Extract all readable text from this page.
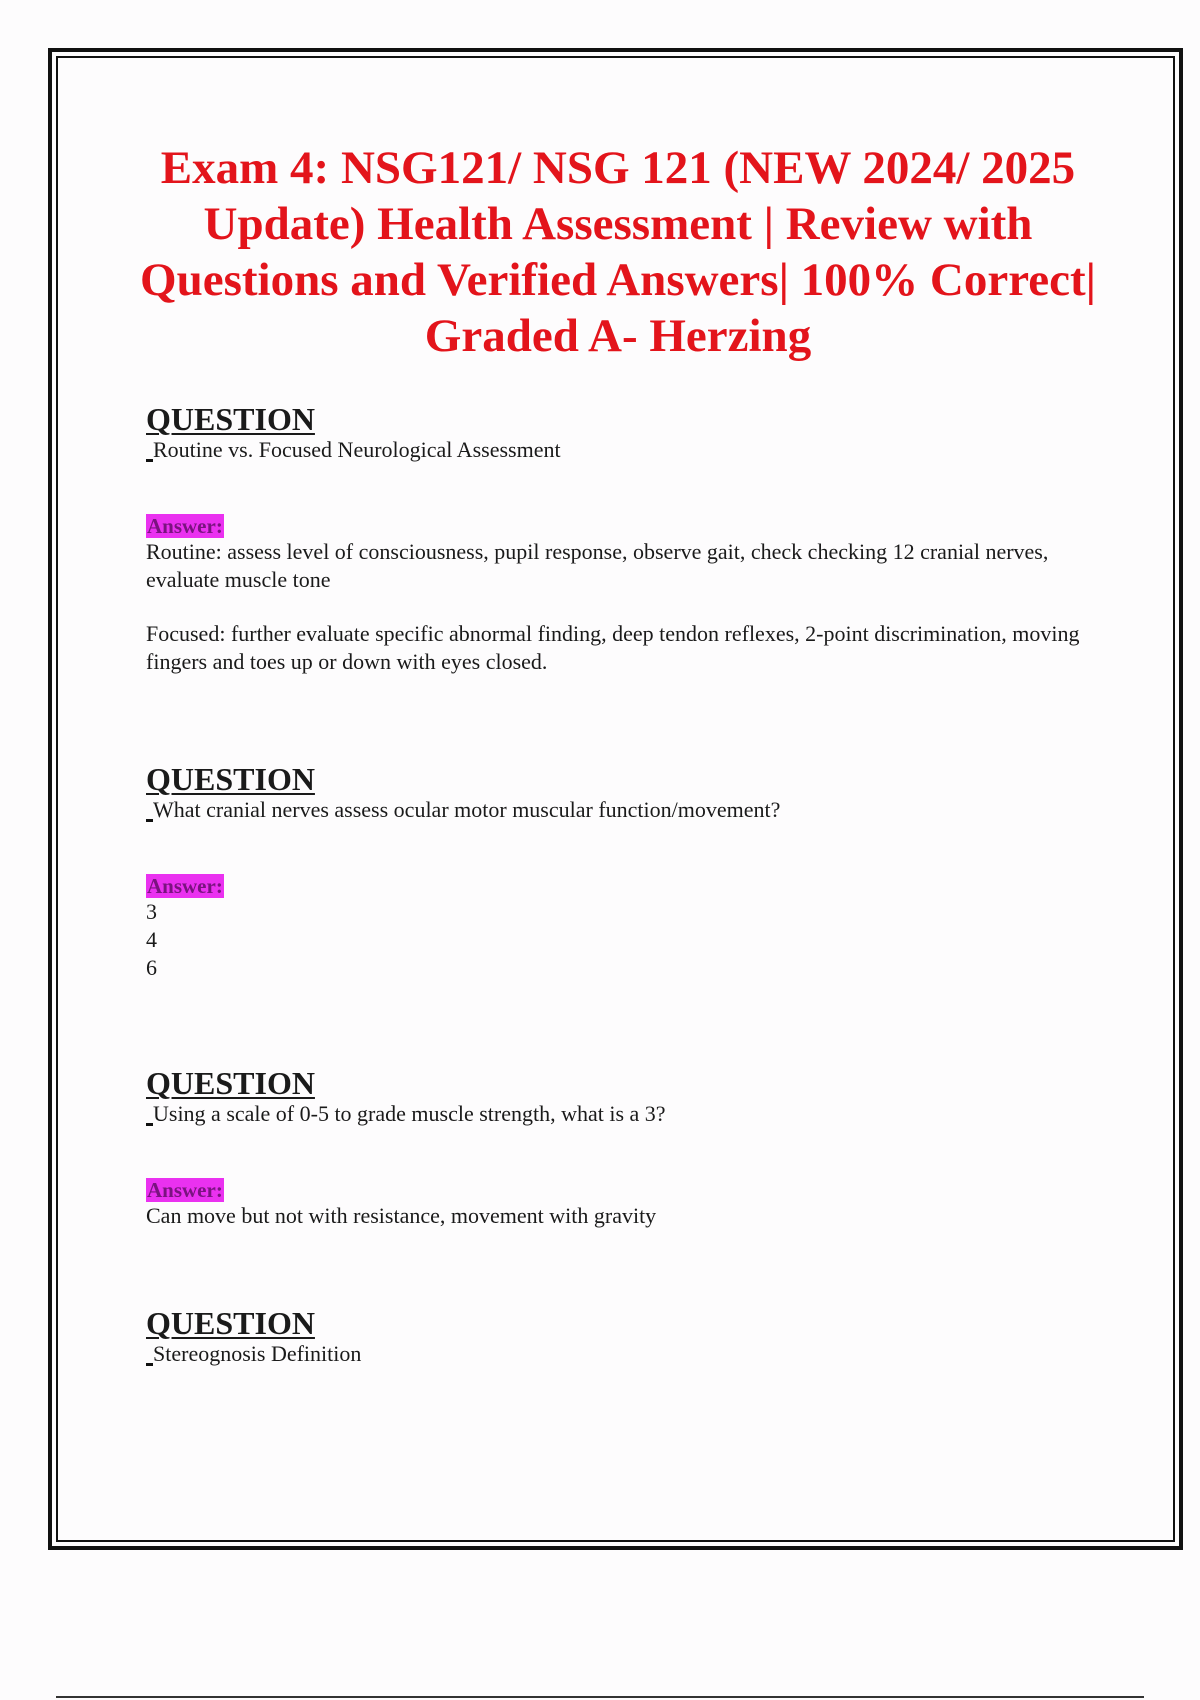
Exam 4: NSG121/ NSG 121 (NEW 2024/ 2025 Update) Health Assessment | Review with Questions and Verified Answers| 100% Correct| Graded A- Herzing

QUESTION

Routine vs. Focused Neurological Assessment

Answer:

Routine: assess level of consciousness, pupil response, observe gait, check checking 12 cranial nerves, evaluate muscle tone

Focused: further evaluate specific abnormal finding, deep tendon reflexes, 2-point discrimination, moving fingers and toes up or down with eyes closed.

QUESTION

What cranial nerves assess ocular motor muscular function/movement?

Answer:

3

4

6

QUESTION

Using a scale of 0-5 to grade muscle strength, what is a 3?

Answer:

Can move but not with resistance, movement with gravity

QUESTION

Stereognosis Definition
